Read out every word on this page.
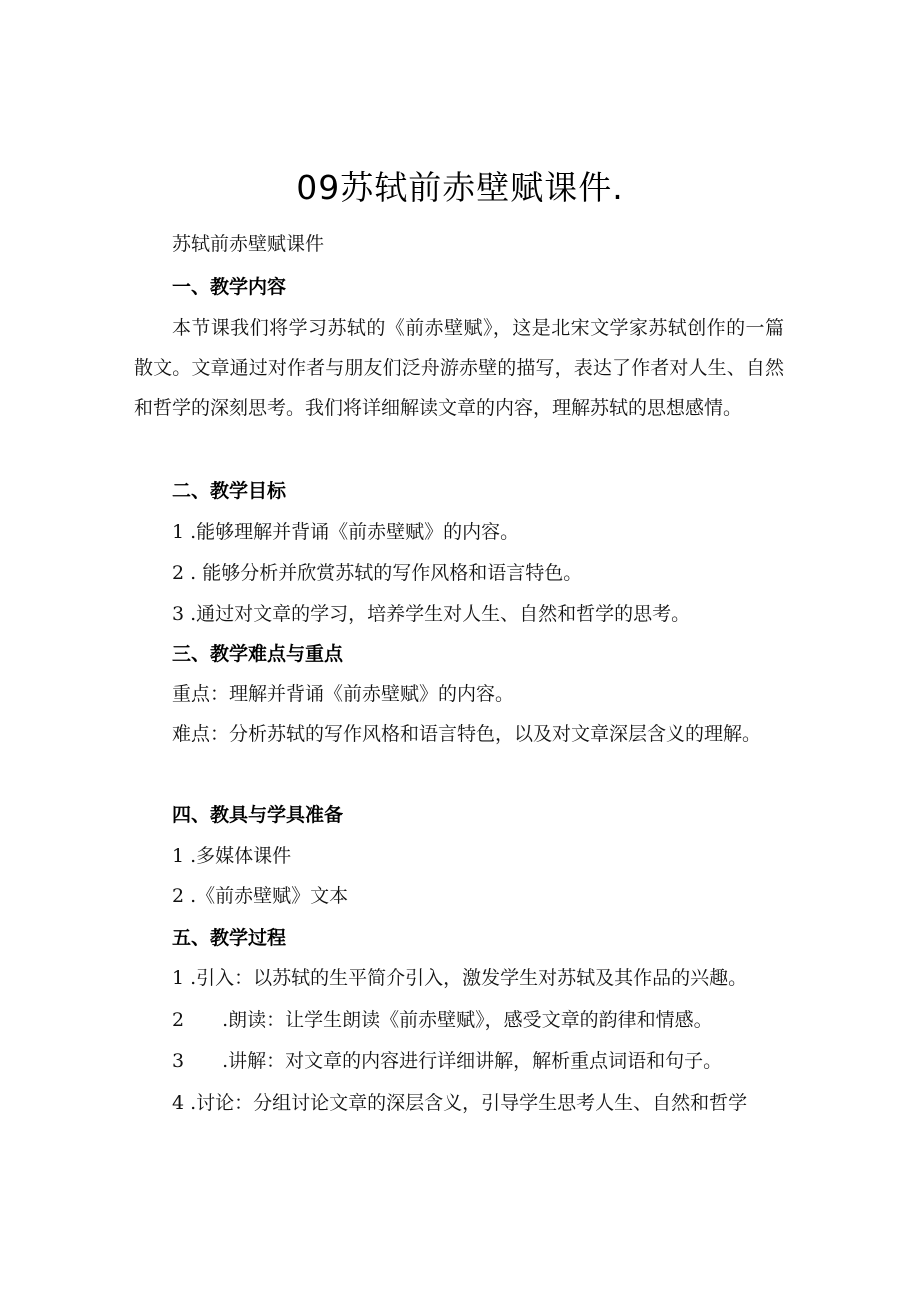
09苏轼前赤壁赋课件.
苏轼前赤壁赋课件
一、教学内容
本节课我们将学习苏轼的《前赤壁赋》，这是北宋文学家苏轼创作的一篇散文。文章通过对作者与朋友们泛舟游赤壁的描写，表达了作者对人生、自然和哲学的深刻思考。我们将详细解读文章的内容，理解苏轼的思想感情。
二、教学目标
1 .能够理解并背诵《前赤壁赋》的内容。
2 . 能够分析并欣赏苏轼的写作风格和语言特色。
3 .通过对文章的学习，培养学生对人生、自然和哲学的思考。
三、教学难点与重点
重点：理解并背诵《前赤壁赋》的内容。
难点：分析苏轼的写作风格和语言特色，以及对文章深层含义的理解。
四、教具与学具准备
1 .多媒体课件
2 .《前赤壁赋》文本
五、教学过程
1 .引入：以苏轼的生平简介引入，激发学生对苏轼及其作品的兴趣。
2　　.朗读：让学生朗读《前赤壁赋》，感受文章的韵律和情感。
3　　.讲解：对文章的内容进行详细讲解，解析重点词语和句子。
4 .讨论：分组讨论文章的深层含义，引导学生思考人生、自然和哲学
